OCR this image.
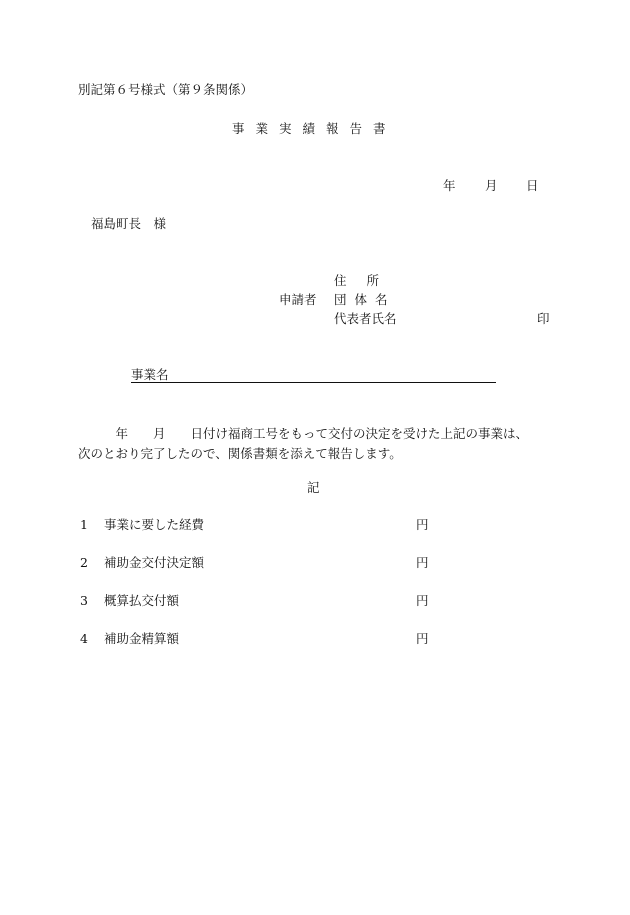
別記第６号様式（第９条関係）
事業実績報告書
年 月 日
福島町長　様
住所
申請者 団体名
代表者氏名	印
事業名
　　　年　　月　　日付け福商工号をもって交付の決定を受けた上記の事業は、
次のとおり完了したので、関係書類を添えて報告します。
記
1 事業に要した経費	円
2 補助金交付決定額	円
3 概算払交付額	円
4 補助金精算額	円
